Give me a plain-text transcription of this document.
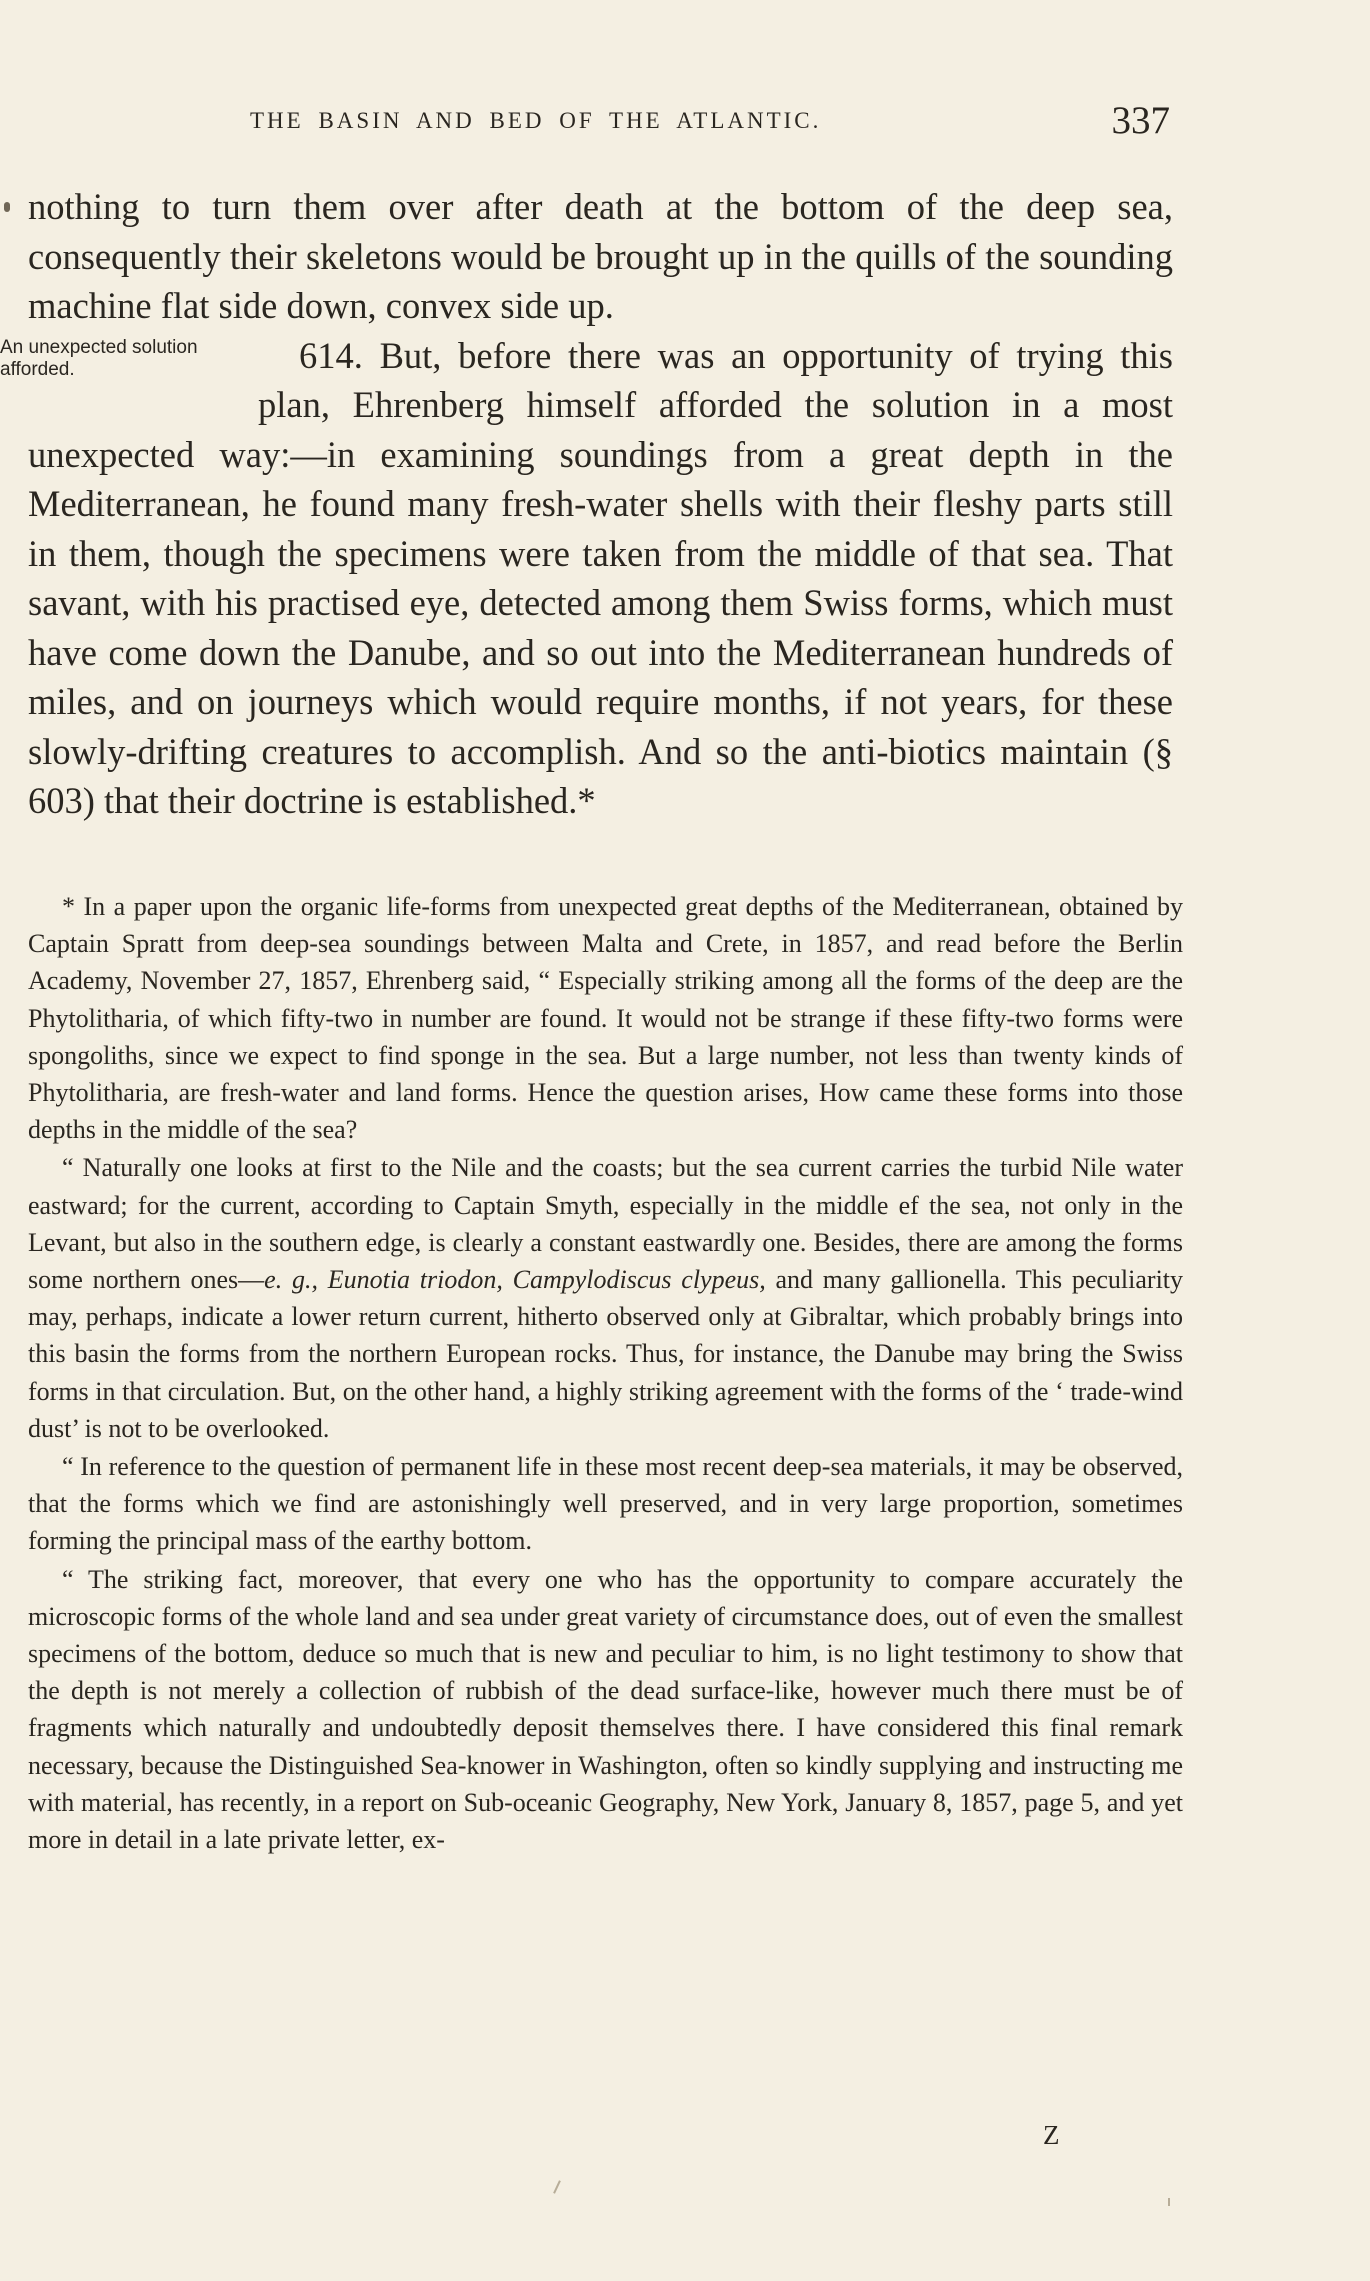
THE BASIN AND BED OF THE ATLANTIC.	337

nothing to turn them over after death at the bottom of the deep sea, consequently their skeletons would be brought up in the quills of the sounding machine flat side down, convex side up.

An unexpected solution afforded.	614. But, before there was an opportunity of trying this plan, Ehrenberg himself afforded the solution in a most unexpected way:—in examining soundings from a great depth in the Mediterranean, he found many fresh-water shells with their fleshy parts still in them, though the specimens were taken from the middle of that sea. That savant, with his practised eye, detected among them Swiss forms, which must have come down the Danube, and so out into the Mediterranean hundreds of miles, and on journeys which would require months, if not years, for these slowly-drifting creatures to accomplish. And so the anti-biotics maintain (§ 603) that their doctrine is established.*

* In a paper upon the organic life-forms from unexpected great depths of the Mediterranean, obtained by Captain Spratt from deep-sea soundings between Malta and Crete, in 1857, and read before the Berlin Academy, November 27, 1857, Ehrenberg said, “ Especially striking among all the forms of the deep are the Phytolitharia, of which fifty-two in number are found. It would not be strange if these fifty-two forms were spongoliths, since we expect to find sponge in the sea. But a large number, not less than twenty kinds of Phytolitharia, are fresh-water and land forms. Hence the question arises, How came these forms into those depths in the middle of the sea?

“ Naturally one looks at first to the Nile and the coasts; but the sea current carries the turbid Nile water eastward; for the current, according to Captain Smyth, especially in the middle ef the sea, not only in the Levant, but also in the southern edge, is clearly a constant eastwardly one. Besides, there are among the forms some northern ones—e. g., Eunotia triodon, Campylodiscus clypeus, and many gallionella. This peculiarity may, perhaps, indicate a lower return current, hitherto observed only at Gibraltar, which probably brings into this basin the forms from the northern European rocks. Thus, for instance, the Danube may bring the Swiss forms in that circulation. But, on the other hand, a highly striking agreement with the forms of the ‘ trade-wind dust’ is not to be overlooked.

“ In reference to the question of permanent life in these most recent deep-sea materials, it may be observed, that the forms which we find are astonishingly well preserved, and in very large proportion, sometimes forming the principal mass of the earthy bottom.

“ The striking fact, moreover, that every one who has the opportunity to compare accurately the microscopic forms of the whole land and sea under great variety of circumstance does, out of even the smallest specimens of the bottom, deduce so much that is new and peculiar to him, is no light testimony to show that the depth is not merely a collection of rubbish of the dead surface-like, however much there must be of fragments which naturally and undoubtedly deposit themselves there. I have considered this final remark necessary, because the Distinguished Sea-knower in Washington, often so kindly supplying and instructing me with material, has recently, in a report on Sub-oceanic Geography, New York, January 8, 1857, page 5, and yet more in detail in a late private letter, ex-

Z
